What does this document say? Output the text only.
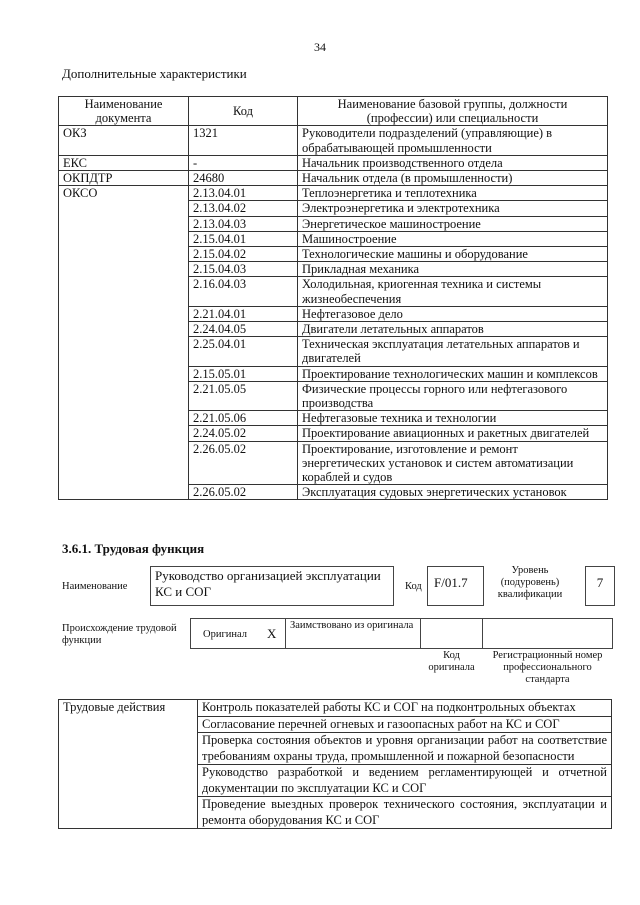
34
Дополнительные характеристики
Наименование документа	Код	Наименование базовой группы, должности (профессии) или специальности
ОКЗ	1321	Руководители подразделений (управляющие) в обрабатывающей промышленности
ЕКС	-	Начальник производственного отдела
ОКПДТР	24680	Начальник отдела (в промышленности)
ОКСО	2.13.04.01	Теплоэнергетика и теплотехника
	2.13.04.02	Электроэнергетика и электротехника
	2.13.04.03	Энергетическое машиностроение
	2.15.04.01	Машиностроение
	2.15.04.02	Технологические машины и оборудование
	2.15.04.03	Прикладная механика
	2.16.04.03	Холодильная, криогенная техника и системы жизнеобеспечения
	2.21.04.01	Нефтегазовое дело
	2.24.04.05	Двигатели летательных аппаратов
	2.25.04.01	Техническая эксплуатация летательных аппаратов и двигателей
	2.15.05.01	Проектирование технологических машин и комплексов
	2.21.05.05	Физические процессы горного или нефтегазового производства
	2.21.05.06	Нефтегазовые техника и технологии
	2.24.05.02	Проектирование авиационных и ракетных двигателей
	2.26.05.02	Проектирование, изготовление и ремонт энергетических установок и систем автоматизации кораблей и судов
	2.26.05.02	Эксплуатация судовых энергетических установок
3.6.1. Трудовая функция
Наименование
Руководство организацией эксплуатации КС и СОГ	Код F/01.7
Уровень (подуровень) квалификации
7
Происхождение трудовой функции
Оригинал X
Заимствовано из оригинала
Код оригинала
Регистрационный номер профессионального стандарта
Трудовые действия	Контроль показателей работы КС и СОГ на подконтрольных объектах
Согласование перечней огневых и газоопасных работ на КС и СОГ
Проверка состояния объектов и уровня организации работ на соответствие требованиям охраны труда, промышленной и пожарной безопасности
Руководство разработкой и ведением регламентирующей и отчетной документации по эксплуатации КС и СОГ
Проведение выездных проверок технического состояния, эксплуатации и ремонта оборудования КС и СОГ
